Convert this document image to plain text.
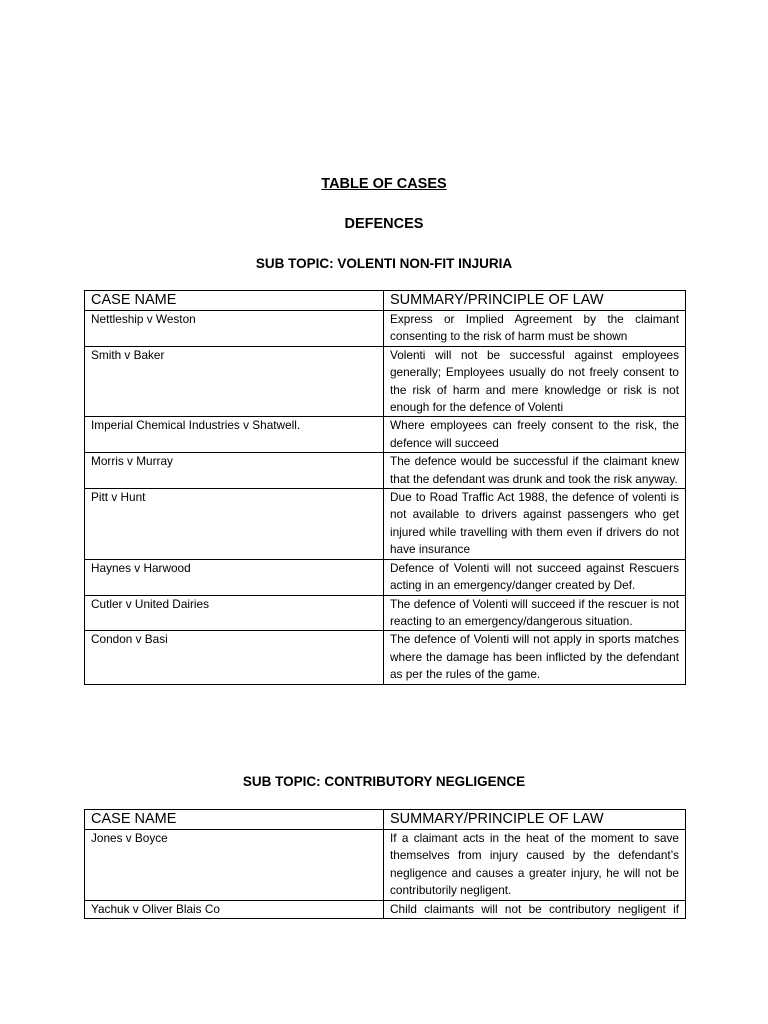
TABLE OF CASES
DEFENCES
SUB TOPIC: VOLENTI NON-FIT INJURIA
CASE NAME	SUMMARY/PRINCIPLE OF LAW
Nettleship v Weston	Express or Implied Agreement by the claimant consenting to the risk of harm must be shown
Smith v Baker	Volenti will not be successful against employees generally; Employees usually do not freely consent to the risk of harm and mere knowledge or risk is not enough for the defence of Volenti
Imperial Chemical Industries v Shatwell.	Where employees can freely consent to the risk, the defence will succeed
Morris v Murray	The defence would be successful if the claimant knew that the defendant was drunk and took the risk anyway.
Pitt v Hunt	Due to Road Traffic Act 1988, the defence of volenti is not available to drivers against passengers who get injured while travelling with them even if drivers do not have insurance
Haynes v Harwood	Defence of Volenti will not succeed against Rescuers acting in an emergency/danger created by Def.
Cutler v United Dairies	The defence of Volenti will succeed if the rescuer is not reacting to an emergency/dangerous situation.
Condon v Basi	The defence of Volenti will not apply in sports matches where the damage has been inflicted by the defendant as per the rules of the game.
SUB TOPIC: CONTRIBUTORY NEGLIGENCE
CASE NAME	SUMMARY/PRINCIPLE OF LAW
Jones v Boyce	If a claimant acts in the heat of the moment to save themselves from injury caused by the defendant’s negligence and causes a greater injury, he will not be contributorily negligent.
Yachuk v Oliver Blais Co	Child claimants will not be contributory negligent if
